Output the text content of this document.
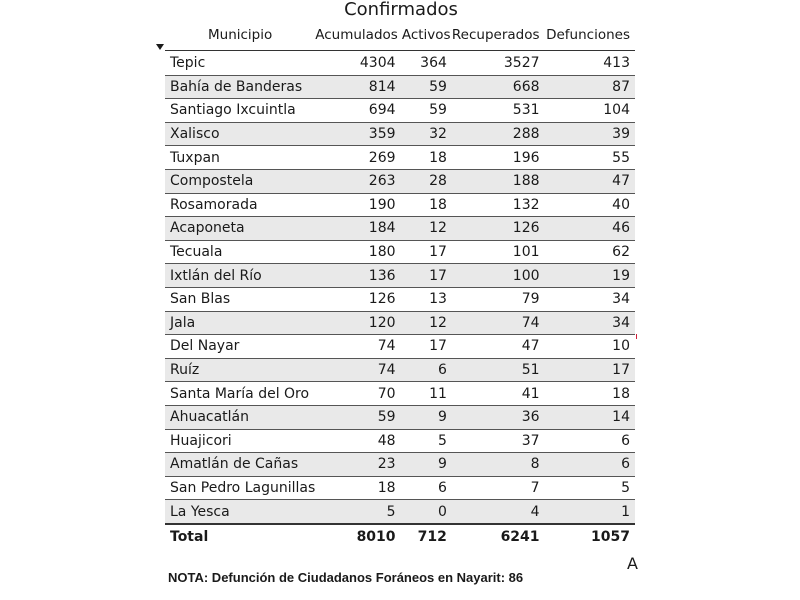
Confirmados
Municipio	Acumulados	Activos	Recuperados	Defunciones
Tepic	4304	364	3527	413
Bahía de Banderas	814	59	668	87
Santiago Ixcuintla	694	59	531	104
Xalisco	359	32	288	39
Tuxpan	269	18	196	55
Compostela	263	28	188	47
Rosamorada	190	18	132	40
Acaponeta	184	12	126	46
Tecuala	180	17	101	62
Ixtlán del Río	136	17	100	19
San Blas	126	13	79	34
Jala	120	12	74	34
Del Nayar	74	17	47	10
Ruíz	74	6	51	17
Santa María del Oro	70	11	41	18
Ahuacatlán	59	9	36	14
Huajicori	48	5	37	6
Amatlán de Cañas	23	9	8	6
San Pedro Lagunillas	18	6	7	5
La Yesca	5	0	4	1
Total	8010	712	6241	1057
A
NOTA: Defunción de Ciudadanos Foráneos en Nayarit: 86
